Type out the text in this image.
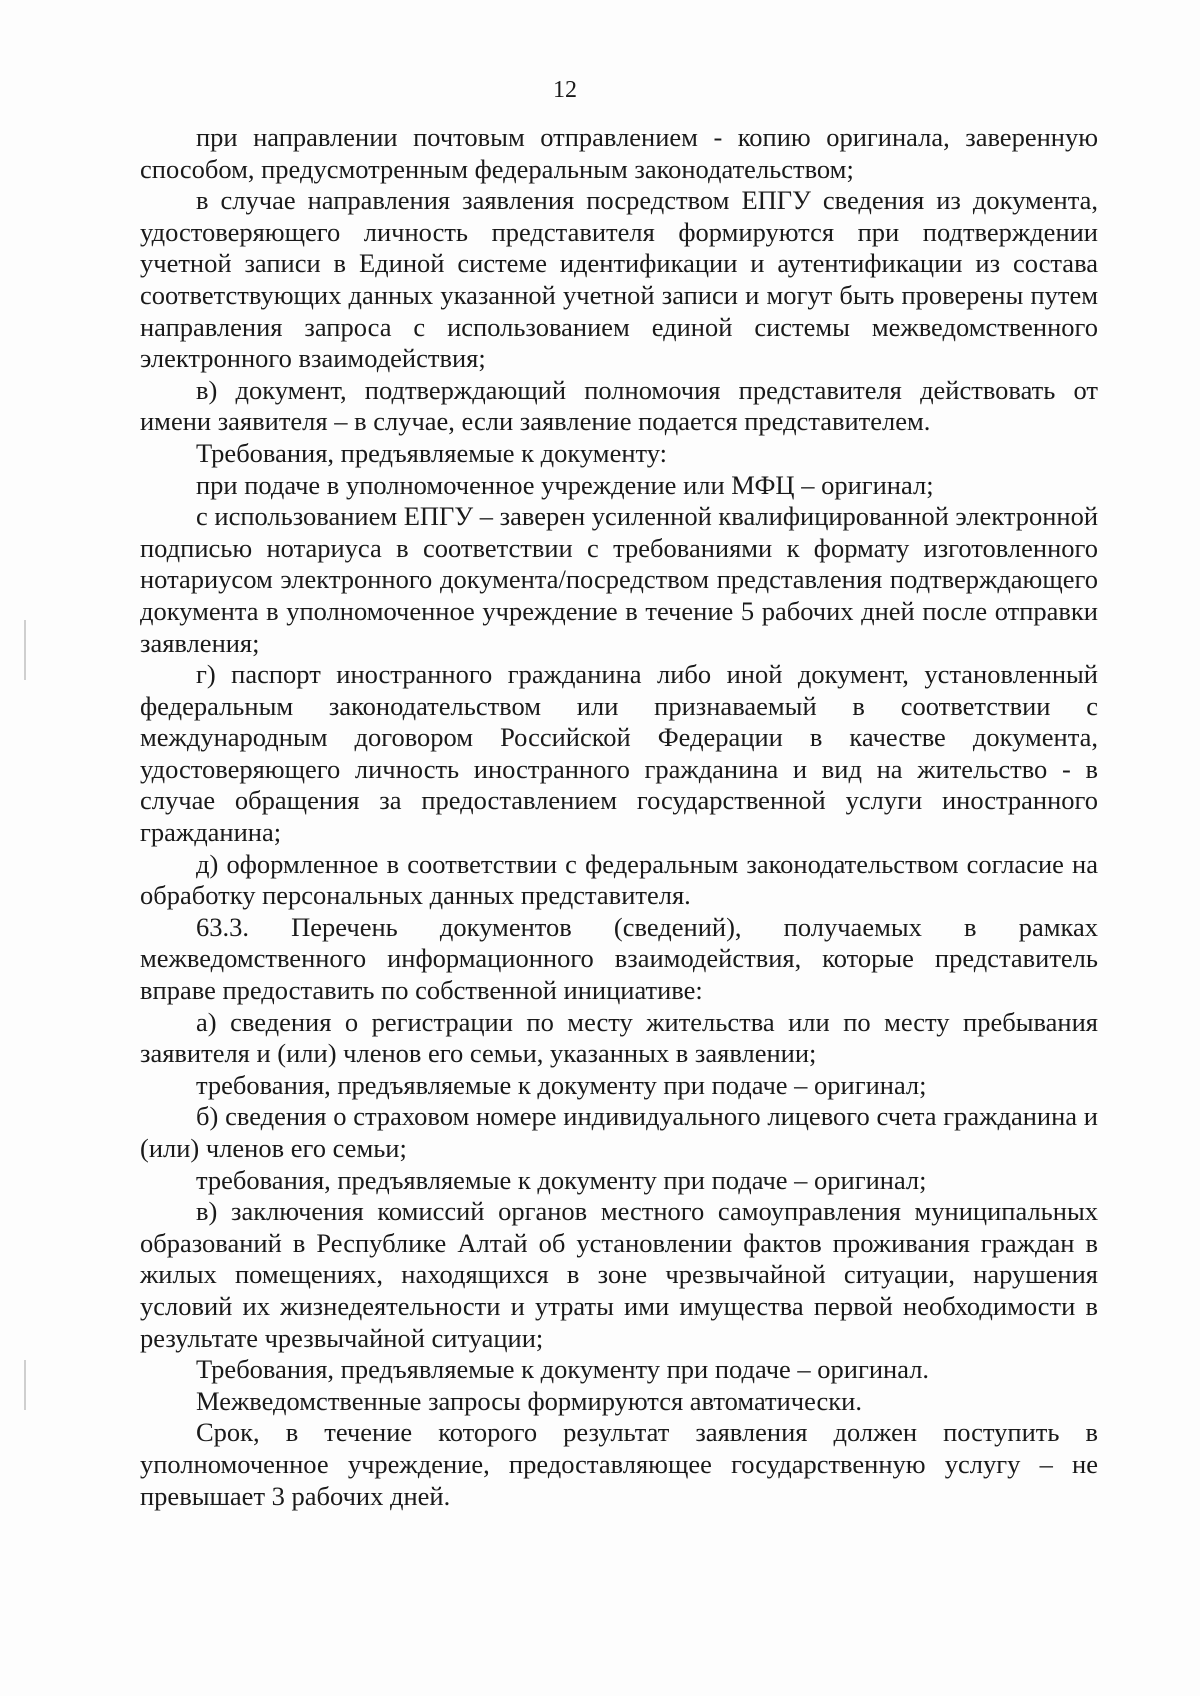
12

при направлении почтовым отправлением - копию оригинала, заверенную способом, предусмотренным федеральным законодательством;

в случае направления заявления посредством ЕПГУ сведения из документа, удостоверяющего личность представителя формируются при подтверждении учетной записи в Единой системе идентификации и аутентификации из состава соответствующих данных указанной учетной записи и могут быть проверены путем направления запроса с использованием единой системы межведомственного электронного взаимодействия;

в) документ, подтверждающий полномочия представителя действовать от имени заявителя – в случае, если заявление подается представителем.

Требования, предъявляемые к документу:

при подаче в уполномоченное учреждение или МФЦ – оригинал;

с использованием ЕПГУ – заверен усиленной квалифицированной электронной подписью нотариуса в соответствии с требованиями к формату изготовленного нотариусом электронного документа/посредством представления подтверждающего документа в уполномоченное учреждение в течение 5 рабочих дней после отправки заявления;

г) паспорт иностранного гражданина либо иной документ, установленный федеральным законодательством или признаваемый в соответствии с международным договором Российской Федерации в качестве документа, удостоверяющего личность иностранного гражданина и вид на жительство - в случае обращения за предоставлением государственной услуги иностранного гражданина;

д) оформленное в соответствии с федеральным законодательством согласие на обработку персональных данных представителя.

63.3. Перечень документов (сведений), получаемых в рамках межведомственного информационного взаимодействия, которые представитель вправе предоставить по собственной инициативе:

а) сведения о регистрации по месту жительства или по месту пребывания заявителя и (или) членов его семьи, указанных в заявлении;

требования, предъявляемые к документу при подаче – оригинал;

б) сведения о страховом номере индивидуального лицевого счета гражданина и (или) членов его семьи;

требования, предъявляемые к документу при подаче – оригинал;

в) заключения комиссий органов местного самоуправления муниципальных образований в Республике Алтай об установлении фактов проживания граждан в жилых помещениях, находящихся в зоне чрезвычайной ситуации, нарушения условий их жизнедеятельности и утраты ими имущества первой необходимости в результате чрезвычайной ситуации;

Требования, предъявляемые к документу при подаче – оригинал.

Межведомственные запросы формируются автоматически.

Срок, в течение которого результат заявления должен поступить в уполномоченное учреждение, предоставляющее государственную услугу – не превышает 3 рабочих дней.
